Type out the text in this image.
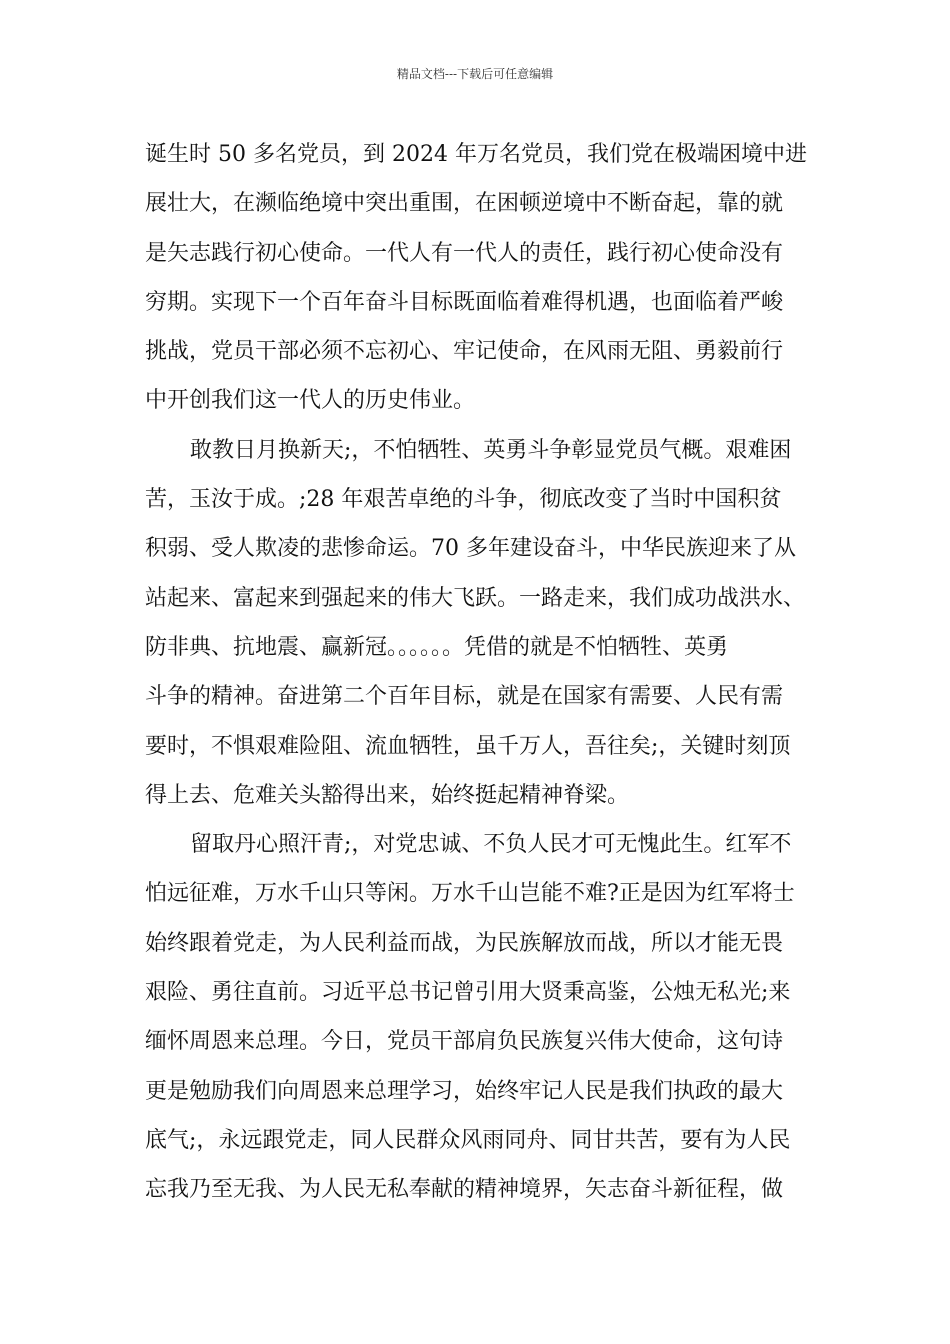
精品文档---下载后可任意编辑
诞生时 50 多名党员，到 2024 年万名党员，我们党在极端困境中进
展壮大，在濒临绝境中突出重围，在困顿逆境中不断奋起，靠的就
是矢志践行初心使命。一代人有一代人的责任，践行初心使命没有
穷期。实现下一个百年奋斗目标既面临着难得机遇，也面临着严峻
挑战，党员干部必须不忘初心、牢记使命，在风雨无阻、勇毅前行
中开创我们这一代人的历史伟业。
敢教日月换新天;，不怕牺牲、英勇斗争彰显党员气概。艰难困
苦，玉汝于成。;28 年艰苦卓绝的斗争，彻底改变了当时中国积贫
积弱、受人欺凌的悲惨命运。70 多年建设奋斗，中华民族迎来了从
站起来、富起来到强起来的伟大飞跃。一路走来，我们成功战洪水、
防非典、抗地震、赢新冠。。。。。。凭借的就是不怕牺牲、英勇
斗争的精神。奋进第二个百年目标，就是在国家有需要、人民有需
要时，不惧艰难险阻、流血牺牲，虽千万人，吾往矣;，关键时刻顶
得上去、危难关头豁得出来，始终挺起精神脊梁。
留取丹心照汗青;，对党忠诚、不负人民才可无愧此生。红军不
怕远征难，万水千山只等闲。万水千山岂能不难?正是因为红军将士
始终跟着党走，为人民利益而战，为民族解放而战，所以才能无畏
艰险、勇往直前。习近平总书记曾引用大贤秉高鉴，公烛无私光;来
缅怀周恩来总理。今日，党员干部肩负民族复兴伟大使命，这句诗
更是勉励我们向周恩来总理学习，始终牢记人民是我们执政的最大
底气;，永远跟党走，同人民群众风雨同舟、同甘共苦，要有为人民
忘我乃至无我、为人民无私奉献的精神境界，矢志奋斗新征程，做
